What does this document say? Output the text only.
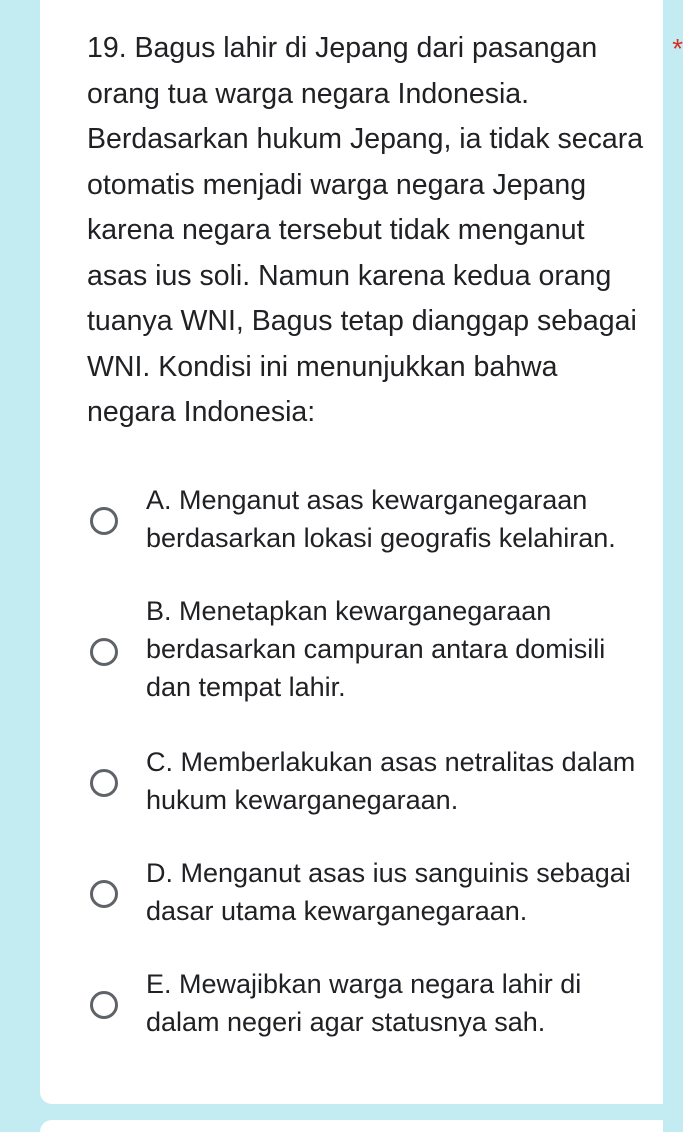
19. Bagus lahir di Jepang dari pasangan orang tua warga negara Indonesia. Berdasarkan hukum Jepang, ia tidak secara otomatis menjadi warga negara Jepang karena negara tersebut tidak menganut asas ius soli. Namun karena kedua orang tuanya WNI, Bagus tetap dianggap sebagai WNI. Kondisi ini menunjukkan bahwa negara Indonesia:
*
A. Menganut asas kewarganegaraan berdasarkan lokasi geografis kelahiran.
B. Menetapkan kewarganegaraan berdasarkan campuran antara domisili dan tempat lahir.
C. Memberlakukan asas netralitas dalam hukum kewarganegaraan.
D. Menganut asas ius sanguinis sebagai dasar utama kewarganegaraan.
E. Mewajibkan warga negara lahir di dalam negeri agar statusnya sah.
